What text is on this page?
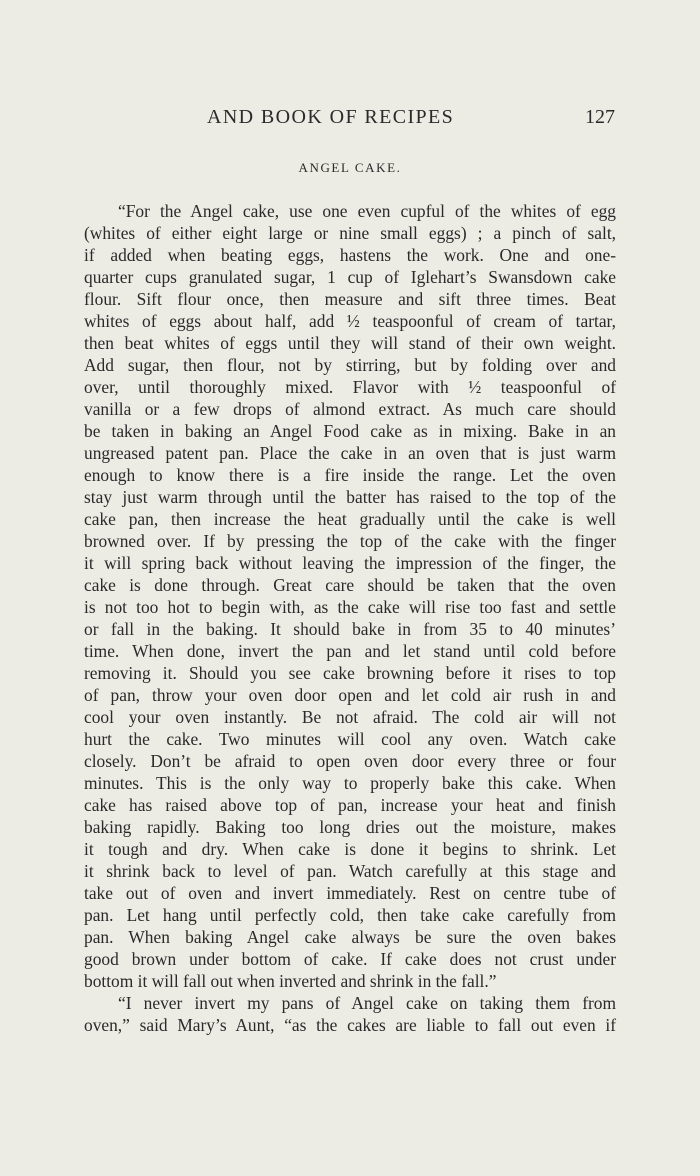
AND BOOK OF RECIPES	127
ANGEL CAKE.
“For the Angel cake, use one even cupful of the whites of egg
(whites of either eight large or nine small eggs) ; a pinch of salt,
if added when beating eggs, hastens the work. One and one-
quarter cups granulated sugar, 1 cup of Iglehart’s Swansdown cake
flour. Sift flour once, then measure and sift three times. Beat
whites of eggs about half, add ½ teaspoonful of cream of tartar,
then beat whites of eggs until they will stand of their own weight.
Add sugar, then flour, not by stirring, but by folding over and
over, until thoroughly mixed. Flavor with ½ teaspoonful of
vanilla or a few drops of almond extract. As much care should
be taken in baking an Angel Food cake as in mixing. Bake in an
ungreased patent pan. Place the cake in an oven that is just warm
enough to know there is a fire inside the range. Let the oven
stay just warm through until the batter has raised to the top of the
cake pan, then increase the heat gradually until the cake is well
browned over. If by pressing the top of the cake with the finger
it will spring back without leaving the impression of the finger, the
cake is done through. Great care should be taken that the oven
is not too hot to begin with, as the cake will rise too fast and settle
or fall in the baking. It should bake in from 35 to 40 minutes’
time. When done, invert the pan and let stand until cold before
removing it. Should you see cake browning before it rises to top
of pan, throw your oven door open and let cold air rush in and
cool your oven instantly. Be not afraid. The cold air will not
hurt the cake. Two minutes will cool any oven. Watch cake
closely. Don’t be afraid to open oven door every three or four
minutes. This is the only way to properly bake this cake. When
cake has raised above top of pan, increase your heat and finish
baking rapidly. Baking too long dries out the moisture, makes
it tough and dry. When cake is done it begins to shrink. Let
it shrink back to level of pan. Watch carefully at this stage and
take out of oven and invert immediately. Rest on centre tube of
pan. Let hang until perfectly cold, then take cake carefully from
pan. When baking Angel cake always be sure the oven bakes
good brown under bottom of cake. If cake does not crust under
bottom it will fall out when inverted and shrink in the fall.”
“I never invert my pans of Angel cake on taking them from
oven,” said Mary’s Aunt, “as the cakes are liable to fall out even if
